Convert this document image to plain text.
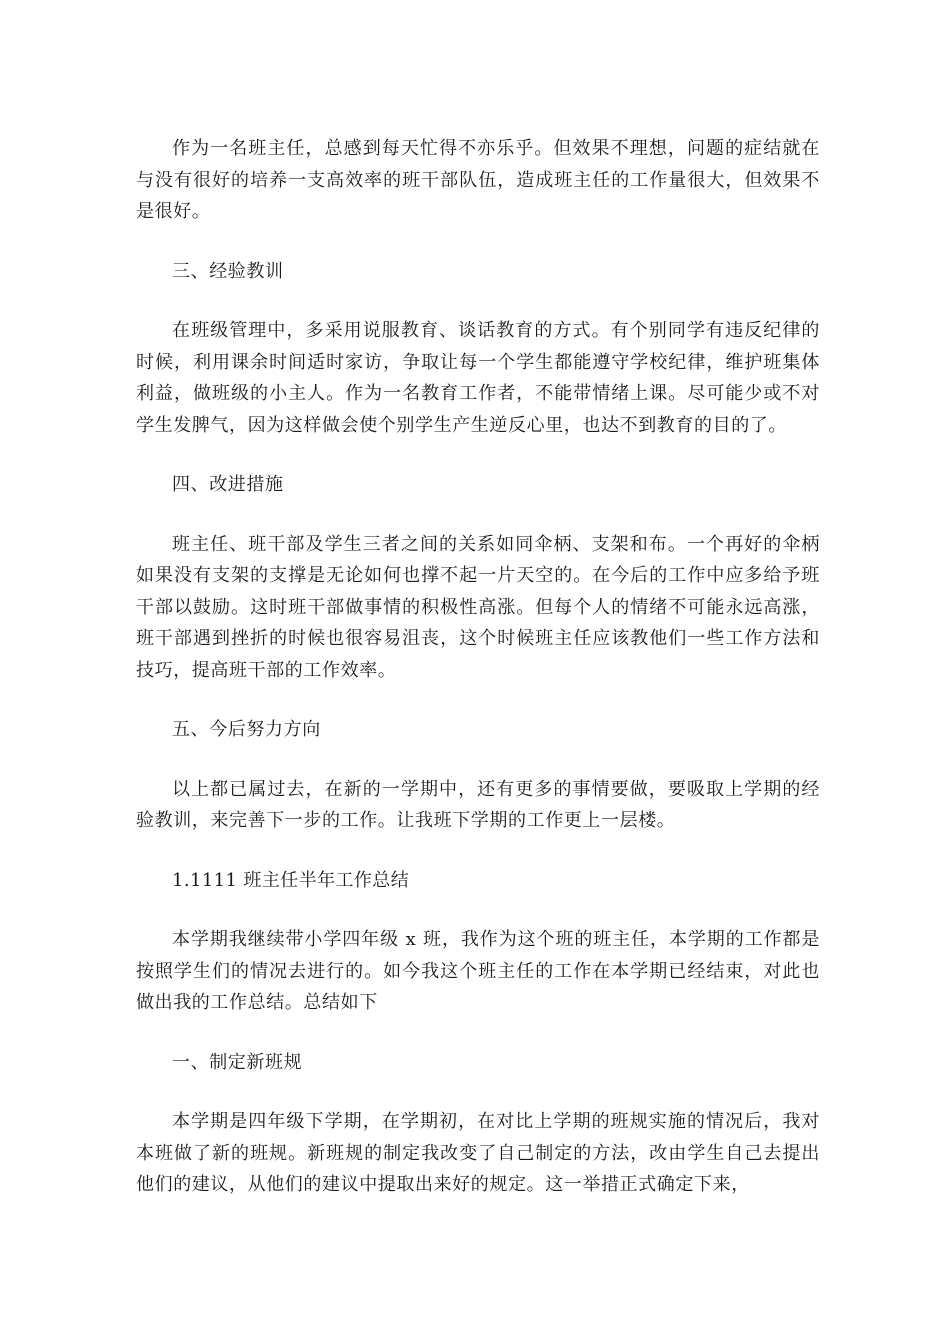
作为一名班主任，总感到每天忙得不亦乐乎。但效果不理想，问题的症结就在与没有很好的培养一支高效率的班干部队伍，造成班主任的工作量很大，但效果不是很好。

三、经验教训

在班级管理中，多采用说服教育、谈话教育的方式。有个别同学有违反纪律的时候，利用课余时间适时家访，争取让每一个学生都能遵守学校纪律，维护班集体利益，做班级的小主人。作为一名教育工作者，不能带情绪上课。尽可能少或不对学生发脾气，因为这样做会使个别学生产生逆反心里，也达不到教育的目的了。

四、改进措施

班主任、班干部及学生三者之间的关系如同伞柄、支架和布。一个再好的伞柄如果没有支架的支撑是无论如何也撑不起一片天空的。在今后的工作中应多给予班干部以鼓励。这时班干部做事情的积极性高涨。但每个人的情绪不可能永远高涨，班干部遇到挫折的时候也很容易沮丧，这个时候班主任应该教他们一些工作方法和技巧，提高班干部的工作效率。

五、今后努力方向

以上都已属过去，在新的一学期中，还有更多的事情要做，要吸取上学期的经验教训，来完善下一步的工作。让我班下学期的工作更上一层楼。

1.1111 班主任半年工作总结

本学期我继续带小学四年级 x 班，我作为这个班的班主任，本学期的工作都是按照学生们的情况去进行的。如今我这个班主任的工作在本学期已经结束，对此也做出我的工作总结。总结如下

一、制定新班规

本学期是四年级下学期，在学期初，在对比上学期的班规实施的情况后，我对本班做了新的班规。新班规的制定我改变了自己制定的方法，改由学生自己去提出他们的建议，从他们的建议中提取出来好的规定。这一举措正式确定下来，
